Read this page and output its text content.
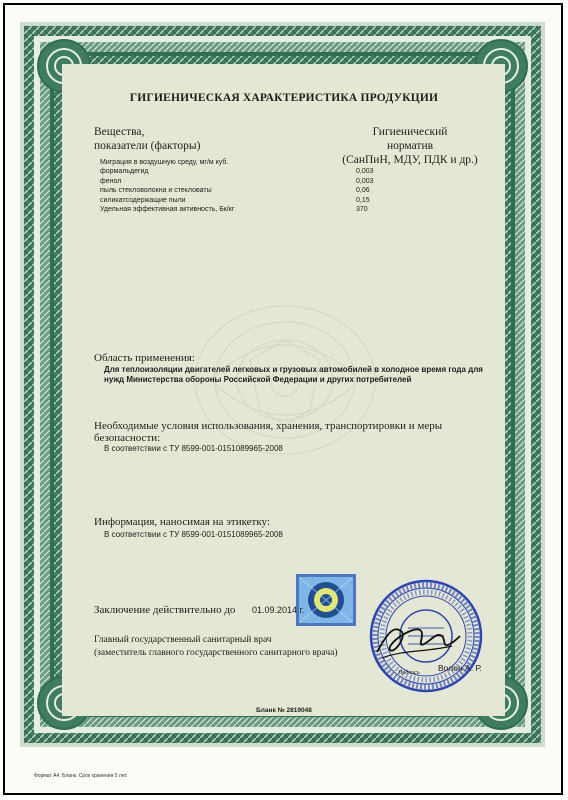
ГИГИЕНИЧЕСКАЯ ХАРАКТЕРИСТИКА ПРОДУКЦИИ
Вещества,
показатели (факторы)
Гигиенический
норматив
(СанПиН, МДУ, ПДК и др.)
Миграция в воздушную среду, мг/м куб.
формальдегид
фенол
пыль стекловолокна и стекловаты
силикатсодержащие пыли
Удельная эффективная активность, Бк/кг

0,003
0,003
0,06
0,15
370
Область применения:
Для теплоизоляции двигателей легковых и грузовых автомобилей в холодное время года для
нужд Министерства обороны Российской Федерации и других потребителей
Необходимые условия использования, хранения, транспортировки и меры
безопасности:
В соответствии с ТУ 8599-001-0151089965-2008
Информация, наносимая на этикетку:
В соответствии с ТУ 8599-001-0151089965-2008
Заключение действительно до 01.09.2014 г.
Главный государственный санитарный врач
(заместитель главного государственного санитарного врача)
Волон А. Р.
Подпись
Бланк № 2819048
Формат А4. Бланк. Срок хранения 5 лет.
